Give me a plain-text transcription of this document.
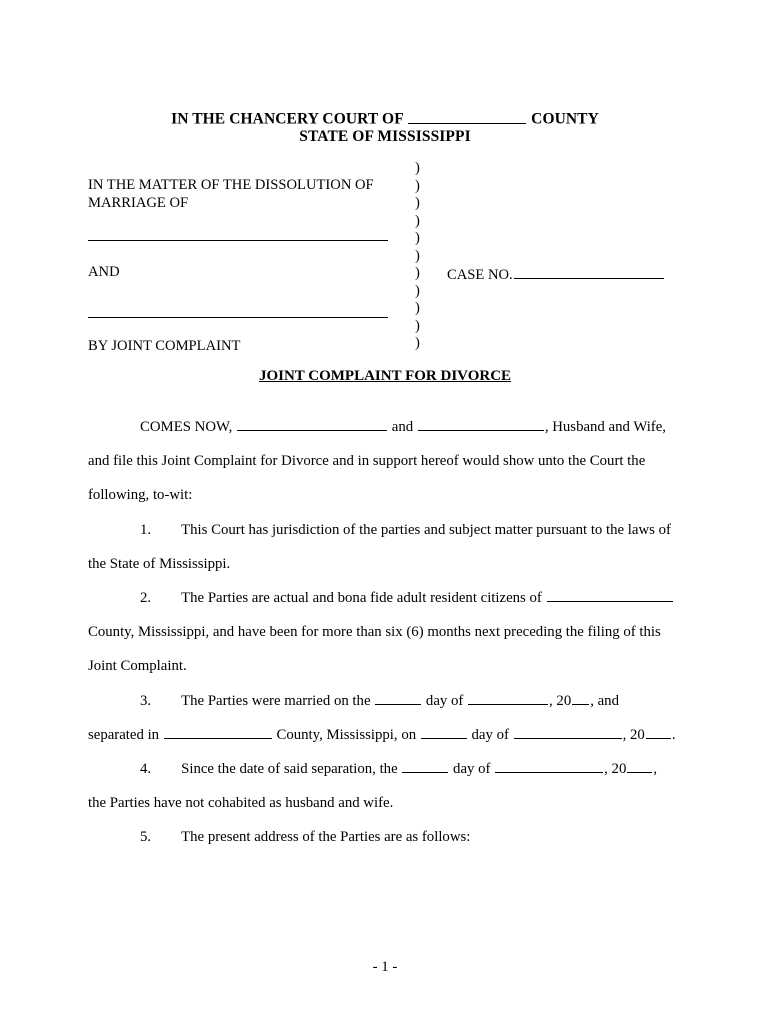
IN THE CHANCERY COURT OF	COUNTY
STATE OF MISSISSIPPI
IN THE MATTER OF THE DISSOLUTION OF
MARRIAGE OF
AND
BY JOINT COMPLAINT
)
)
)
)
)
)
)
)
)
)
)
CASE NO.
JOINT COMPLAINT FOR DIVORCE

COMES NOW,	and	, Husband and Wife, and file this Joint Complaint for Divorce and in support hereof would show unto the Court the following, to-wit:

1. This Court has jurisdiction of the parties and subject matter pursuant to the laws of the State of Mississippi.

2. The Parties are actual and bona fide adult resident citizens of  County, Mississippi, and have been for more than six (6) months next preceding the filing of this Joint Complaint.

3. The Parties were married on the	day of	, 20 , and separated in	County, Mississippi, on	day of	, 20 .

4. Since the date of said separation, the	day of	, 20 , the Parties have not cohabited as husband and wife.

5. The present address of the Parties are as follows:

- 1 -
